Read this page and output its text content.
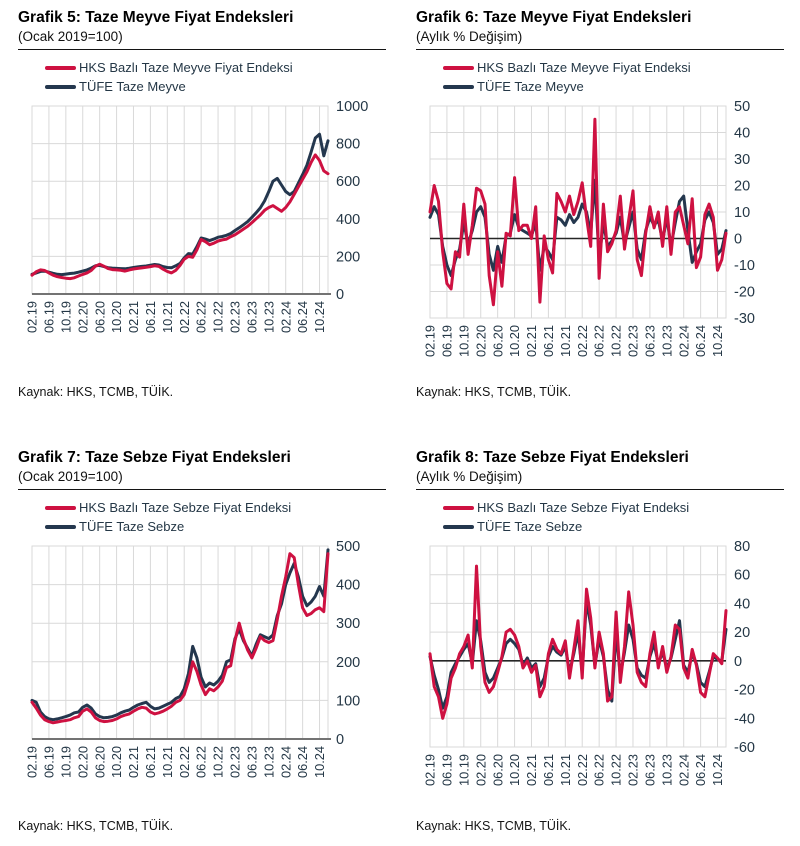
Grafik 5: Taze Meyve Fiyat Endeksleri

(Ocak 2019=100)

HKS Bazlı Taze Meyve Fiyat Endeksi
TÜFE Taze Meyve
1000
800
600
400
200
0
02.19 06.19 10.19 02.20 06.20 10.20 02.21 06.21 10.21 02.22 06.22 10.22 02.23 06.23 10.23 02.24 06.24 10.24

Kaynak: HKS, TCMB, TÜİK.

Grafik 6: Taze Meyve Fiyat Endeksleri

(Aylık % Değişim)

HKS Bazlı Taze Meyve Fiyat Endeksi
TÜFE Taze Meyve
50
40
30
20
10
0
-10
-20
-30
02.19 06.19 10.19 02.20 06.20 10.20 02.21 06.21 10.21 02.22 06.22 10.22 02.23 06.23 10.23 02.24 06.24 10.24

Kaynak: HKS, TCMB, TÜİK.

Grafik 7: Taze Sebze Fiyat Endeksleri

(Ocak 2019=100)

HKS Bazlı Taze Sebze Fiyat Endeksi
TÜFE Taze Sebze
500
400
300
200
100
0
02.19 06.19 10.19 02.20 06.20 10.20 02.21 06.21 10.21 02.22 06.22 10.22 02.23 06.23 10.23 02.24 06.24 10.24

Kaynak: HKS, TCMB, TÜİK.

Grafik 8: Taze Sebze Fiyat Endeksleri

(Aylık % Değişim)

HKS Bazlı Taze Sebze Fiyat Endeksi
TÜFE Taze Sebze
80
60
40
20
0
-20
-40
-60
02.19 06.19 10.19 02.20 06.20 10.20 02.21 06.21 10.21 02.22 06.22 10.22 02.23 06.23 10.23 02.24 06.24 10.24

Kaynak: HKS, TCMB, TÜİK.
